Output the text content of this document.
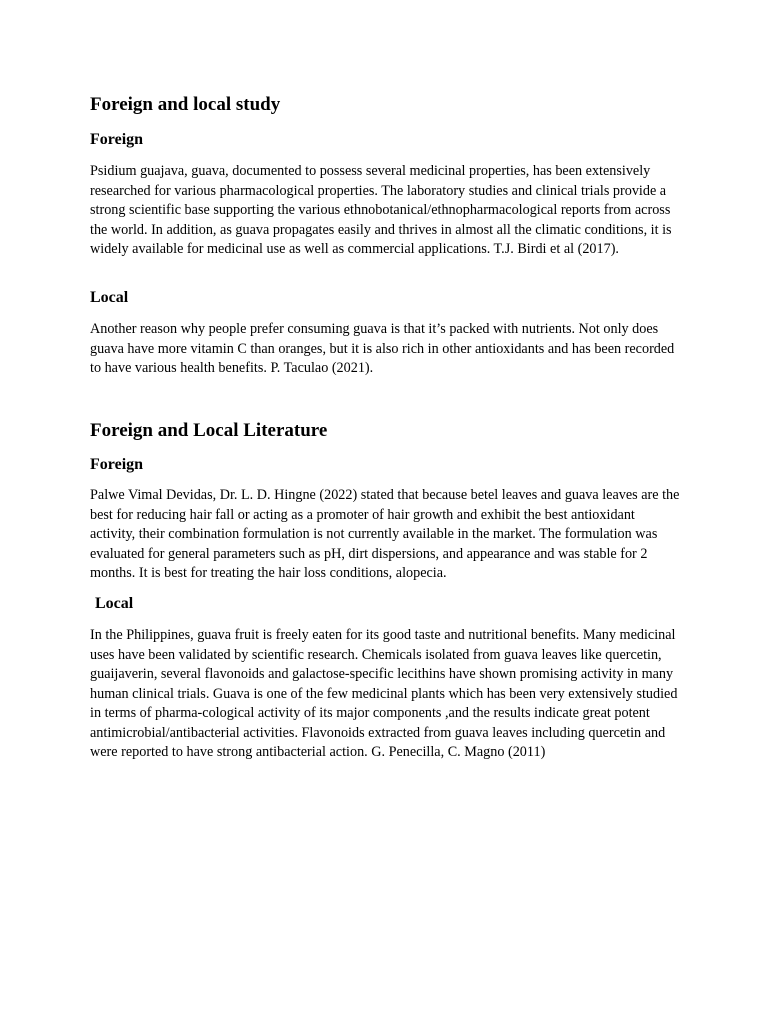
Foreign and local study
Foreign

Psidium guajava, guava, documented to possess several medicinal properties, has been extensively researched for various pharmacological properties. The laboratory studies and clinical trials provide a strong scientific base supporting the various ethnobotanical/ethnopharmacological reports from across the world. In addition, as guava propagates easily and thrives in almost all the climatic conditions, it is widely available for medicinal use as well as commercial applications. T.J. Birdi et al (2017).

Local

Another reason why people prefer consuming guava is that it’s packed with nutrients. Not only does guava have more vitamin C than oranges, but it is also rich in other antioxidants and has been recorded to have various health benefits. P. Taculao (2021).

Foreign and Local Literature
Foreign

Palwe Vimal Devidas, Dr. L. D. Hingne (2022) stated that because betel leaves and guava leaves are the best for reducing hair fall or acting as a promoter of hair growth and exhibit the best antioxidant activity, their combination formulation is not currently available in the market. The formulation was evaluated for general parameters such as pH, dirt dispersions, and appearance and was stable for 2 months. It is best for treating the hair loss conditions, alopecia.

Local

In the Philippines, guava fruit is freely eaten for its good taste and nutritional benefits. Many medicinal uses have been validated by scientific research. Chemicals isolated from guava leaves like quercetin, guaijaverin, several flavonoids and galactose-specific lecithins have shown promising activity in many human clinical trials. Guava is one of the few medicinal plants which has been very extensively studied in terms of pharma-cological activity of its major components ,and the results indicate great potent antimicrobial/antibacterial activities. Flavonoids extracted from guava leaves including quercetin and were reported to have strong antibacterial action. G. Penecilla, C. Magno (2011)
